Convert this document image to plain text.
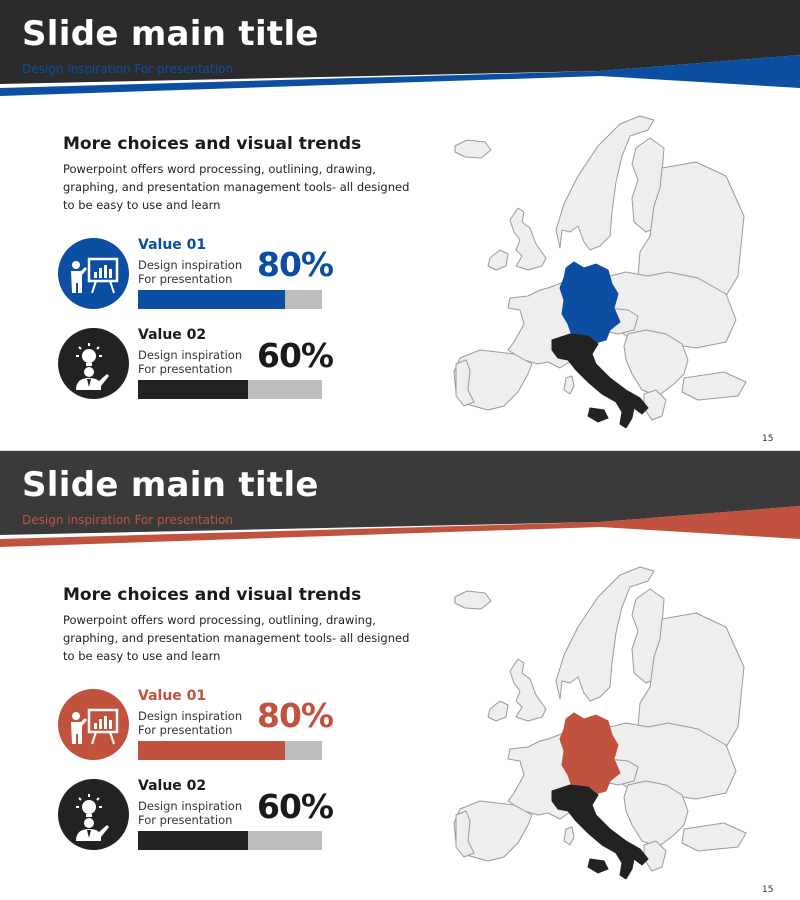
Slide main title
Design inspiration For presentation
More choices and visual trends
Powerpoint offers word processing, outlining, drawing, graphing, and presentation management tools- all designed to be easy to use and learn
Value 01
Design inspiration
For presentation 80%
Value 02
Design inspiration
For presentation 60%
15
Slide main title
Design inspiration For presentation
More choices and visual trends
Powerpoint offers word processing, outlining, drawing, graphing, and presentation management tools- all designed to be easy to use and learn
Value 01
Design inspiration
For presentation 80%
Value 02
Design inspiration
For presentation 60%
15
